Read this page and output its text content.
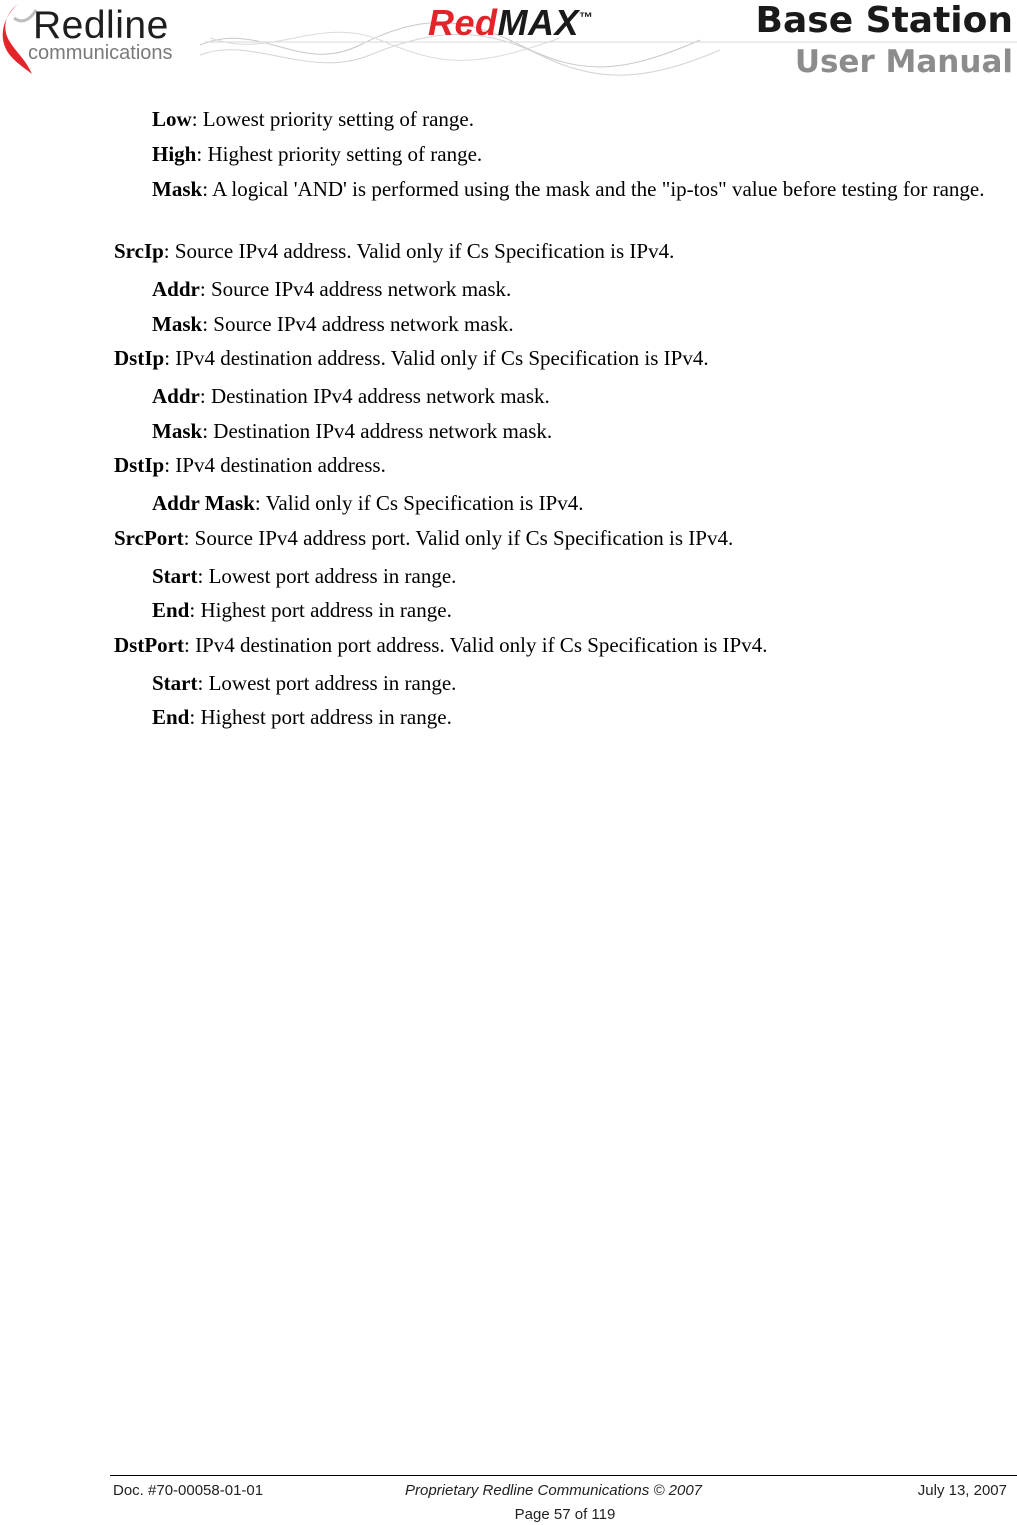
Redline
communications
RedMAX™	Base Station
User Manual
Low: Lowest priority setting of range.
High: Highest priority setting of range.
Mask: A logical 'AND' is performed using the mask and the "ip-tos" value before testing for range.
SrcIp: Source IPv4 address. Valid only if Cs Specification is IPv4.
Addr: Source IPv4 address network mask.
Mask: Source IPv4 address network mask.
DstIp: IPv4 destination address. Valid only if Cs Specification is IPv4.
Addr: Destination IPv4 address network mask.
Mask: Destination IPv4 address network mask.
DstIp: IPv4 destination address.
Addr Mask: Valid only if Cs Specification is IPv4.
SrcPort: Source IPv4 address port. Valid only if Cs Specification is IPv4.
Start: Lowest port address in range.
End: Highest port address in range.
DstPort: IPv4 destination port address. Valid only if Cs Specification is IPv4.
Start: Lowest port address in range.
End: Highest port address in range.
Doc. #70-00058-01-01	Proprietary Redline Communications © 2007	July 13, 2007
Page 57 of 119
